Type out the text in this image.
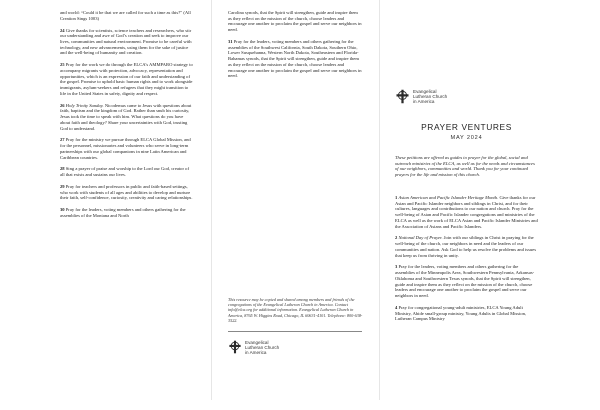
and world: “Could it be that we are called for such a time as this?” (All Creation Sings 1003)

24 Give thanks for scientists, science teachers and researchers, who stir our understanding and awe of God’s creation and seek to improve our lives, communities and natural environment. Promise to be careful with technology, and new advancements, using them for the sake of justice and the well-being of humanity and creation.

25 Pray for the work we do through the ELCA’s AMMPARO strategy to accompany migrants with protection, advocacy, representation and opportunities, which is an expression of our faith and understanding of the gospel. Promise to uphold basic human rights and to work alongside immigrants, asylum-seekers and refugees that they might transition to life in the United States in safety, dignity and respect.

26 Holy Trinity Sunday. Nicodemus came to Jesus with questions about faith, baptism and the kingdom of God. Rather than snub his curiosity, Jesus took the time to speak with him. What questions do you have about faith and theology? Share your uncertainties with God, trusting God to understand.

27 Pray for the ministry we pursue through ELCA Global Mission, and for the personnel, missionaries and volunteers who serve in long-term partnerships with our global companions in nine Latin American and Caribbean countries.

28 Sing a prayer of praise and worship to the Lord our God, creator of all that exists and sustains our lives.

29 Pray for teachers and professors in public and faith-based settings, who work with students of all ages and abilities to develop and nurture their faith, self-confidence, curiosity, creativity and caring relationships.

30 Pray for the leaders, voting members and others gathering for the assemblies of the Montana and North

Carolina synods, that the Spirit will strengthen, guide and inspire them as they reflect on the mission of the church, choose leaders and encourage one another to proclaim the gospel and serve our neighbors in need.

31 Pray for the leaders, voting members and others gathering for the assemblies of the Southwest California, South Dakota, Southern Ohio, Lower Susquehanna, Western North Dakota, Southeastern and Florida-Bahamas synods, that the Spirit will strengthen, guide and inspire them as they reflect on the mission of the church, choose leaders and encourage one another to proclaim the gospel and serve our neighbors in need.

This resource may be copied and shared among members and friends of the congregations of the Evangelical Lutheran Church in America. Contact info@elca.org for additional information. Evangelical Lutheran Church in America, 8765 W. Higgins Road, Chicago, IL 60631-4101. Telephone: 800-638-3522.
Evangelical
Lutheran Church
in America
Evangelical
Lutheran Church
in America
PRAYER VENTURES
MAY 2024
These petitions are offered as guides to prayer for the global, social and outreach ministries of the ELCA, as well as for the needs and circumstances of our neighbors, communities and world. Thank you for your continued prayers for the life and mission of this church.

1 Asian American and Pacific Islander Heritage Month. Give thanks for our Asian and Pacific Islander neighbors and siblings in Christ, and for their cultures, languages and contributions to our nation and church. Pray for the well-being of Asian and Pacific Islander congregations and ministries of the ELCA as well as the work of ELCA Asian and Pacific Islander Ministries and the Association of Asians and Pacific Islanders.

2 National Day of Prayer. Join with our siblings in Christ in praying for the well-being of the church, our neighbors in need and the leaders of our communities and nation. Ask God to help us resolve the problems and issues that keep us from thriving in unity.

3 Pray for the leaders, voting members and others gathering for the assemblies of the Minneapolis Area, Southwestern Pennsylvania, Arkansas-Oklahoma and Southwestern Texas synods, that the Spirit will strengthen, guide and inspire them as they reflect on the mission of the church, choose leaders and encourage one another to proclaim the gospel and serve our neighbors in need.

4 Pray for congregational young-adult ministries, ELCA Young Adult Ministry, Abide small-group ministry, Young Adults in Global Mission, Lutheran Campus Ministry
